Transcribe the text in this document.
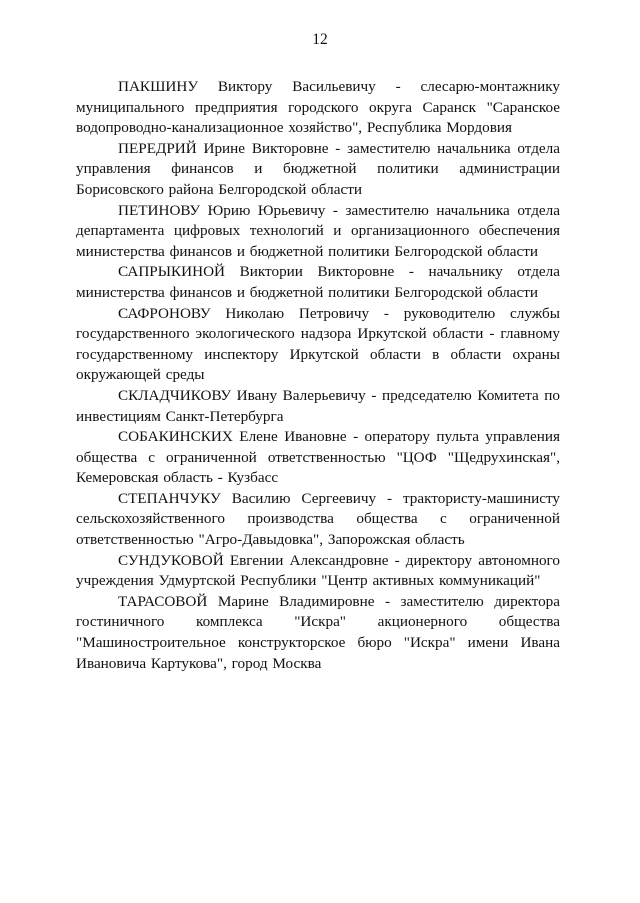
12

ПАКШИНУ Виктору Васильевичу - слесарю-монтажнику муниципального предприятия городского округа Саранск "Саранское водопроводно-канализационное хозяйство", Республика Мордовия

ПЕРЕДРИЙ Ирине Викторовне - заместителю начальника отдела управления финансов и бюджетной политики администрации Борисовского района Белгородской области

ПЕТИНОВУ Юрию Юрьевичу - заместителю начальника отдела департамента цифровых технологий и организационного обеспечения министерства финансов и бюджетной политики Белгородской области

САПРЫКИНОЙ Виктории Викторовне - начальнику отдела министерства финансов и бюджетной политики Белгородской области

САФРОНОВУ Николаю Петровичу - руководителю службы государственного экологического надзора Иркутской области - главному государственному инспектору Иркутской области в области охраны окружающей среды

СКЛАДЧИКОВУ Ивану Валерьевичу - председателю Комитета по инвестициям Санкт-Петербурга

СОБАКИНСКИХ Елене Ивановне - оператору пульта управления общества с ограниченной ответственностью "ЦОФ "Щедрухинская", Кемеровская область - Кузбасс

СТЕПАНЧУКУ Василию Сергеевичу - трактористу-машинисту сельскохозяйственного производства общества с ограниченной ответственностью "Агро-Давыдовка", Запорожская область

СУНДУКОВОЙ Евгении Александровне - директору автономного учреждения Удмуртской Республики "Центр активных коммуникаций"

ТАРАСОВОЙ Марине Владимировне - заместителю директора гостиничного комплекса "Искра" акционерного общества "Машиностроительное конструкторское бюро "Искра" имени Ивана Ивановича Картукова", город Москва
